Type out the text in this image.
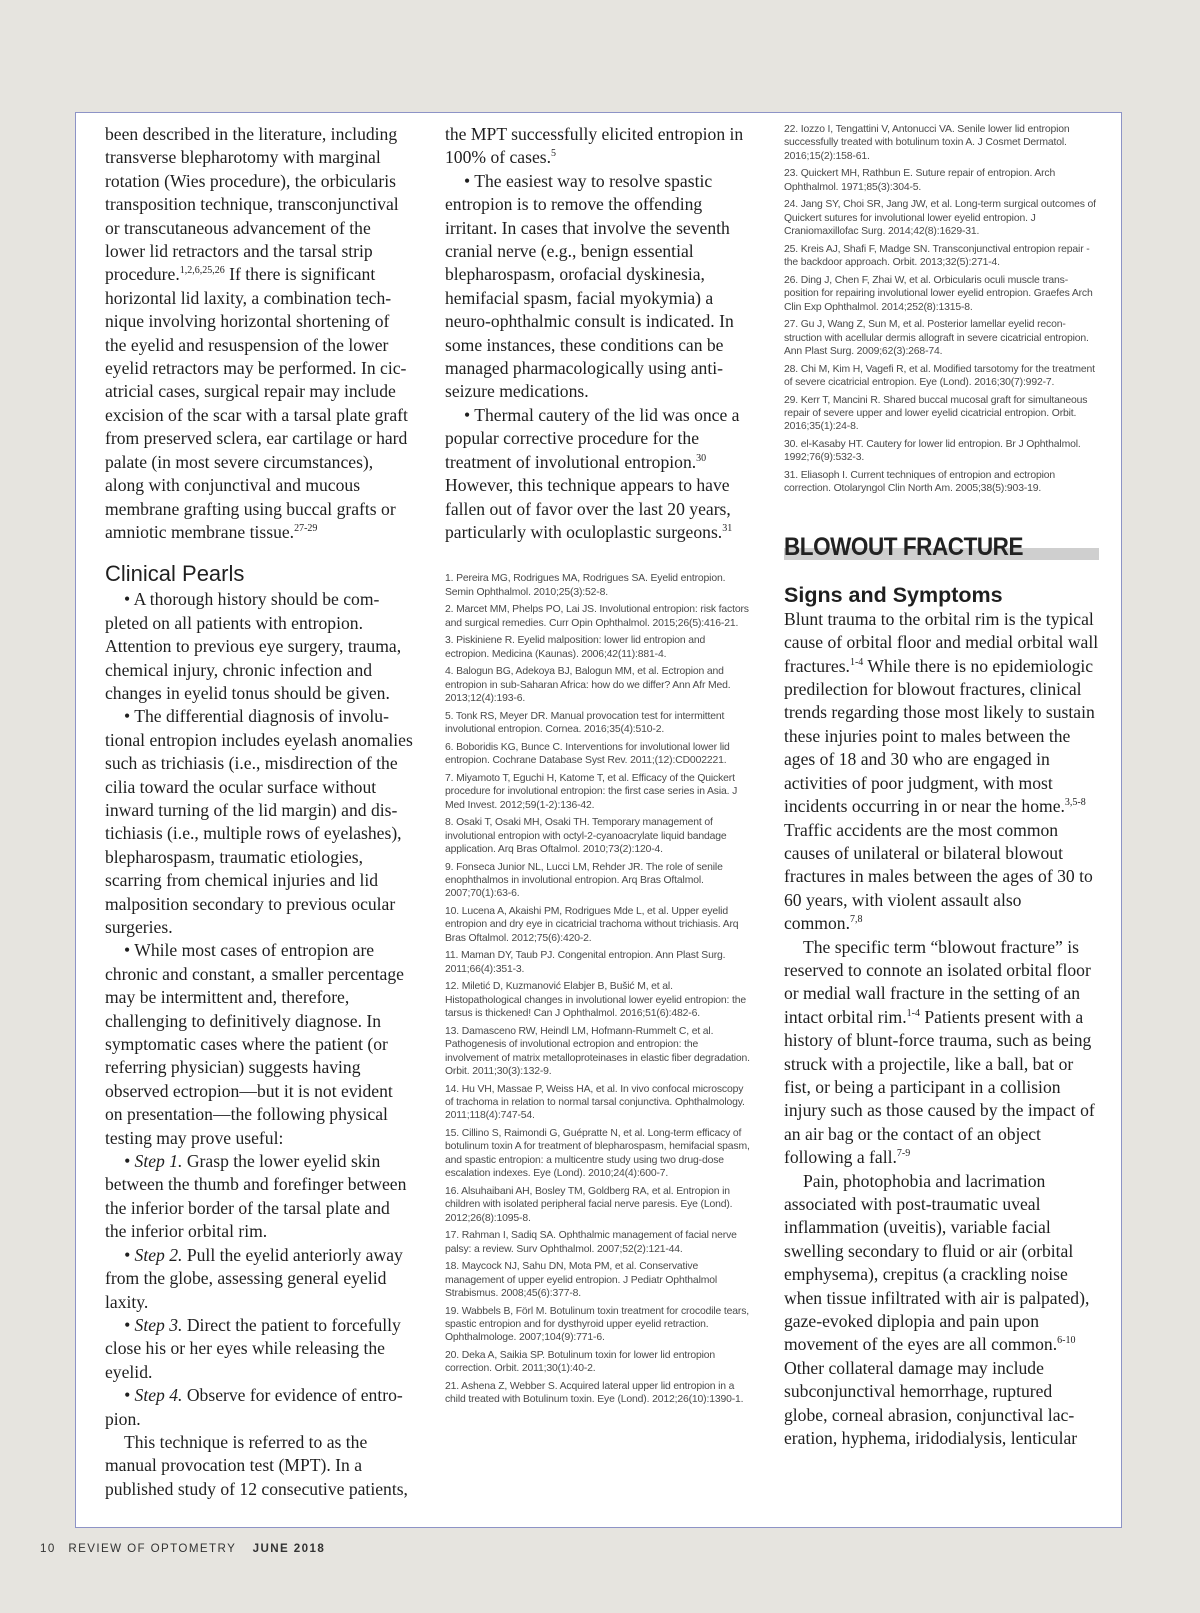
been described in the literature, including transverse blepharotomy with marginal rotation (Wies procedure), the orbicularis transposition technique, transconjunctival or transcutaneous advancement of the lower lid retractors and the tarsal strip procedure.$^{1,2,6,25,26}$ If there is significant horizontal lid laxity, a combination technique involving horizontal shortening of the eyelid and resuspension of the lower eyelid retractors may be performed. In cicatricial cases, surgical repair may include excision of the scar with a tarsal plate graft from preserved sclera, ear cartilage or hard palate (in most severe circumstances), along with conjunctival and mucous membrane grafting using buccal grafts or amniotic membrane tissue.$^{27-29}$

Clinical Pearls

• A thorough history should be completed on all patients with entropion. Attention to previous eye surgery, trauma, chemical injury, chronic infection and changes in eyelid tonus should be given.

• The differential diagnosis of involutional entropion includes eyelash anomalies such as trichiasis (i.e., misdirection of the cilia toward the ocular surface without inward turning of the lid margin) and distichiasis (i.e., multiple rows of eyelashes), blepharospasm, traumatic etiologies, scarring from chemical injuries and lid malposition secondary to previous ocular surgeries.

• While most cases of entropion are chronic and constant, a smaller percentage may be intermittent and, therefore, challenging to definitively diagnose. In symptomatic cases where the patient (or referring physician) suggests having observed ectropion—but it is not evident on presentation—the following physical testing may prove useful:

• Step 1. Grasp the lower eyelid skin between the thumb and forefinger between the inferior border of the tarsal plate and the inferior orbital rim.

• Step 2. Pull the eyelid anteriorly away from the globe, assessing general eyelid laxity.

• Step 3. Direct the patient to forcefully close his or her eyes while releasing the eyelid.

• Step 4. Observe for evidence of entropion.

This technique is referred to as the manual provocation test (MPT). In a published study of 12 consecutive patients,

the MPT successfully elicited entropion in 100% of cases.$^5$

• The easiest way to resolve spastic entropion is to remove the offending irritant. In cases that involve the seventh cranial nerve (e.g., benign essential blepharospasm, orofacial dyskinesia, hemifacial spasm, facial myokymia) a neuro-ophthalmic consult is indicated. In some instances, these conditions can be managed pharmacologically using antiseizure medications.

• Thermal cautery of the lid was once a popular corrective procedure for the treatment of involutional entropion.$^{30}$ However, this technique appears to have fallen out of favor over the last 20 years, particularly with oculoplastic surgeons.$^{31}$

1. Pereira MG, Rodrigues MA, Rodrigues SA. Eyelid entropion. Semin Ophthalmol. 2010;25(3):52-8.
2. Marcet MM, Phelps PO, Lai JS. Involutional entropion: risk factors and surgical remedies. Curr Opin Ophthalmol. 2015;26(5):416-21.
3. Piskiniene R. Eyelid malposition: lower lid entropion and ectropion. Medicina (Kaunas). 2006;42(11):881-4.
4. Balogun BG, Adekoya BJ, Balogun MM, et al. Ectropion and entropion in sub-Saharan Africa: how do we differ? Ann Afr Med. 2013;12(4):193-6.
5. Tonk RS, Meyer DR. Manual provocation test for intermittent involutional entropion. Cornea. 2016;35(4):510-2.
6. Boboridis KG, Bunce C. Interventions for involutional lower lid entropion. Cochrane Database Syst Rev. 2011;(12):CD002221.
7. Miyamoto T, Eguchi H, Katome T, et al. Efficacy of the Quickert procedure for involutional entropion: the first case series in Asia. J Med Invest. 2012;59(1-2):136-42.
8. Osaki T, Osaki MH, Osaki TH. Temporary management of involutional entropion with octyl-2-cyanoacrylate liquid bandage application. Arq Bras Oftalmol. 2010;73(2):120-4.
9. Fonseca Junior NL, Lucci LM, Rehder JR. The role of senile enophthalmos in involutional entropion. Arq Bras Oftalmol. 2007;70(1):63-6.
10. Lucena A, Akaishi PM, Rodrigues Mde L, et al. Upper eyelid entropion and dry eye in cicatricial trachoma without trichiasis. Arq Bras Oftalmol. 2012;75(6):420-2.
11. Maman DY, Taub PJ. Congenital entropion. Ann Plast Surg. 2011;66(4):351-3.
12. Miletić D, Kuzmanović Elabjer B, Bušić M, et al. Histopathological changes in involutional lower eyelid entropion: the tarsus is thickened! Can J Ophthalmol. 2016;51(6):482-6.
13. Damasceno RW, Heindl LM, Hofmann-Rummelt C, et al. Pathogenesis of involutional ectropion and entropion: the involvement of matrix metalloproteinases in elastic fiber degradation. Orbit. 2011;30(3):132-9.
14. Hu VH, Massae P, Weiss HA, et al. In vivo confocal microscopy of trachoma in relation to normal tarsal conjunctiva. Ophthalmology. 2011;118(4):747-54.
15. Cillino S, Raimondi G, Guépratte N, et al. Long-term efficacy of botulinum toxin A for treatment of blepharospasm, hemifacial spasm, and spastic entropion: a multicentre study using two drug-dose escalation indexes. Eye (Lond). 2010;24(4):600-7.
16. Alsuhaibani AH, Bosley TM, Goldberg RA, et al. Entropion in children with isolated peripheral facial nerve paresis. Eye (Lond). 2012;26(8):1095-8.
17. Rahman I, Sadiq SA. Ophthalmic management of facial nerve palsy: a review. Surv Ophthalmol. 2007;52(2):121-44.
18. Maycock NJ, Sahu DN, Mota PM, et al. Conservative management of upper eyelid entropion. J Pediatr Ophthalmol Strabismus. 2008;45(6):377-8.
19. Wabbels B, Förl M. Botulinum toxin treatment for crocodile tears, spastic entropion and for dysthyroid upper eyelid retraction. Ophthalmologe. 2007;104(9):771-6.
20. Deka A, Saikia SP. Botulinum toxin for lower lid entropion correction. Orbit. 2011;30(1):40-2.
21. Ashena Z, Webber S. Acquired lateral upper lid entropion in a child treated with Botulinum toxin. Eye (Lond). 2012;26(10):1390-1.
22. Iozzo I, Tengattini V, Antonucci VA. Senile lower lid entropion successfully treated with botulinum toxin A. J Cosmet Dermatol. 2016;15(2):158-61.
23. Quickert MH, Rathbun E. Suture repair of entropion. Arch Ophthalmol. 1971;85(3):304-5.
24. Jang SY, Choi SR, Jang JW, et al. Long-term surgical outcomes of Quickert sutures for involutional lower eyelid entropion. J Craniomaxillofac Surg. 2014;42(8):1629-31.
25. Kreis AJ, Shafi F, Madge SN. Transconjunctival entropion repair - the backdoor approach. Orbit. 2013;32(5):271-4.
26. Ding J, Chen F, Zhai W, et al. Orbicularis oculi muscle transposition for repairing involutional lower eyelid entropion. Graefes Arch Clin Exp Ophthalmol. 2014;252(8):1315-8.
27. Gu J, Wang Z, Sun M, et al. Posterior lamellar eyelid reconstruction with acellular dermis allograft in severe cicatricial entropion. Ann Plast Surg. 2009;62(3):268-74.
28. Chi M, Kim H, Vagefi R, et al. Modified tarsotomy for the treatment of severe cicatricial entropion. Eye (Lond). 2016;30(7):992-7.
29. Kerr T, Mancini R. Shared buccal mucosal graft for simultaneous repair of severe upper and lower eyelid cicatricial entropion. Orbit. 2016;35(1):24-8.
30. el-Kasaby HT. Cautery for lower lid entropion. Br J Ophthalmol. 1992;76(9):532-3.
31. Eliasoph I. Current techniques of entropion and ectropion correction. Otolaryngol Clin North Am. 2005;38(5):903-19.
BLOWOUT FRACTURE
Signs and Symptoms

Blunt trauma to the orbital rim is the typical cause of orbital floor and medial orbital wall fractures.$^{1-4}$ While there is no epidemiologic predilection for blowout fractures, clinical trends regarding those most likely to sustain these injuries point to males between the ages of 18 and 30 who are engaged in activities of poor judgment, with most incidents occurring in or near the home.$^{3,5-8}$ Traffic accidents are the most common causes of unilateral or bilateral blowout fractures in males between the ages of 30 to 60 years, with violent assault also common.$^{7,8}$

The specific term “blowout fracture” is reserved to connote an isolated orbital floor or medial wall fracture in the setting of an intact orbital rim.$^{1-4}$ Patients present with a history of blunt-force trauma, such as being struck with a projectile, like a ball, bat or fist, or being a participant in a collision injury such as those caused by the impact of an air bag or the contact of an object following a fall.$^{7-9}$

Pain, photophobia and lacrimation associated with post-traumatic uveal inflammation (uveitis), variable facial swelling secondary to fluid or air (orbital emphysema), crepitus (a crackling noise when tissue infiltrated with air is palpated), gaze-evoked diplopia and pain upon movement of the eyes are all common.$^{6-10}$ Other collateral damage may include subconjunctival hemorrhage, ruptured globe, corneal abrasion, conjunctival laceration, hyphema, iridodialysis, lenticular

10 REVIEW OF OPTOMETRY JUNE 2018
